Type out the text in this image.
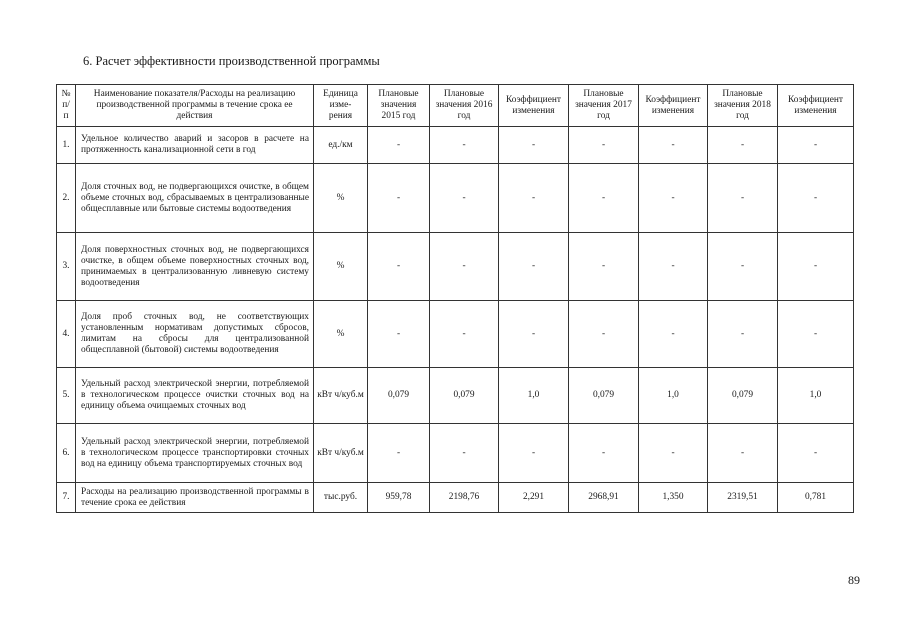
6. Расчет эффективности производственной программы
№ п/ п	Наименование показателя/Расходы на реализацию производственной программы в течение срока ее действия	Единица изме- рения	Плановые значения 2015 год	Плановые значения 2016 год	Коэффициент изменения	Плановые значения 2017 год	Коэффициент изменения	Плановые значения 2018 год	Коэффициент изменения
1.	Удельное количество аварий и засоров в расчете на протяженность канализационной сети в год	ед./км	-	-	-	-	-	-	-
2.	Доля сточных вод, не подвергающихся очистке, в общем объеме сточных вод, сбрасываемых в централизованные общесплавные или бытовые системы водоотведения	%	-	-	-	-	-	-	-
3.	Доля поверхностных сточных вод, не подвергающихся очистке, в общем объеме поверхностных сточных вод, принимаемых в централизованную ливневую систему водоотведения	%	-	-	-	-	-	-	-
4.	Доля проб сточных вод, не соответствующих установленным нормативам допустимых сбросов, лимитам на сбросы для централизованной общесплавной (бытовой) системы водоотведения	%	-	-	-	-	-	-	-
5.	Удельный расход электрической энергии, потребляемой в технологическом процессе очистки сточных вод на единицу объема очищаемых сточных вод	кВт ч/куб.м	0,079	0,079	1,0	0,079	1,0	0,079	1,0
6.	Удельный расход электрической энергии, потребляемой в технологическом процессе транспортировки сточных вод на единицу объема транспортируемых сточных вод	кВт ч/куб.м	-	-	-	-	-	-	-
7.	Расходы на реализацию производственной программы в течение срока ее действия	тыс.руб.	959,78	2198,76	2,291	2968,91	1,350	2319,51	0,781
89
